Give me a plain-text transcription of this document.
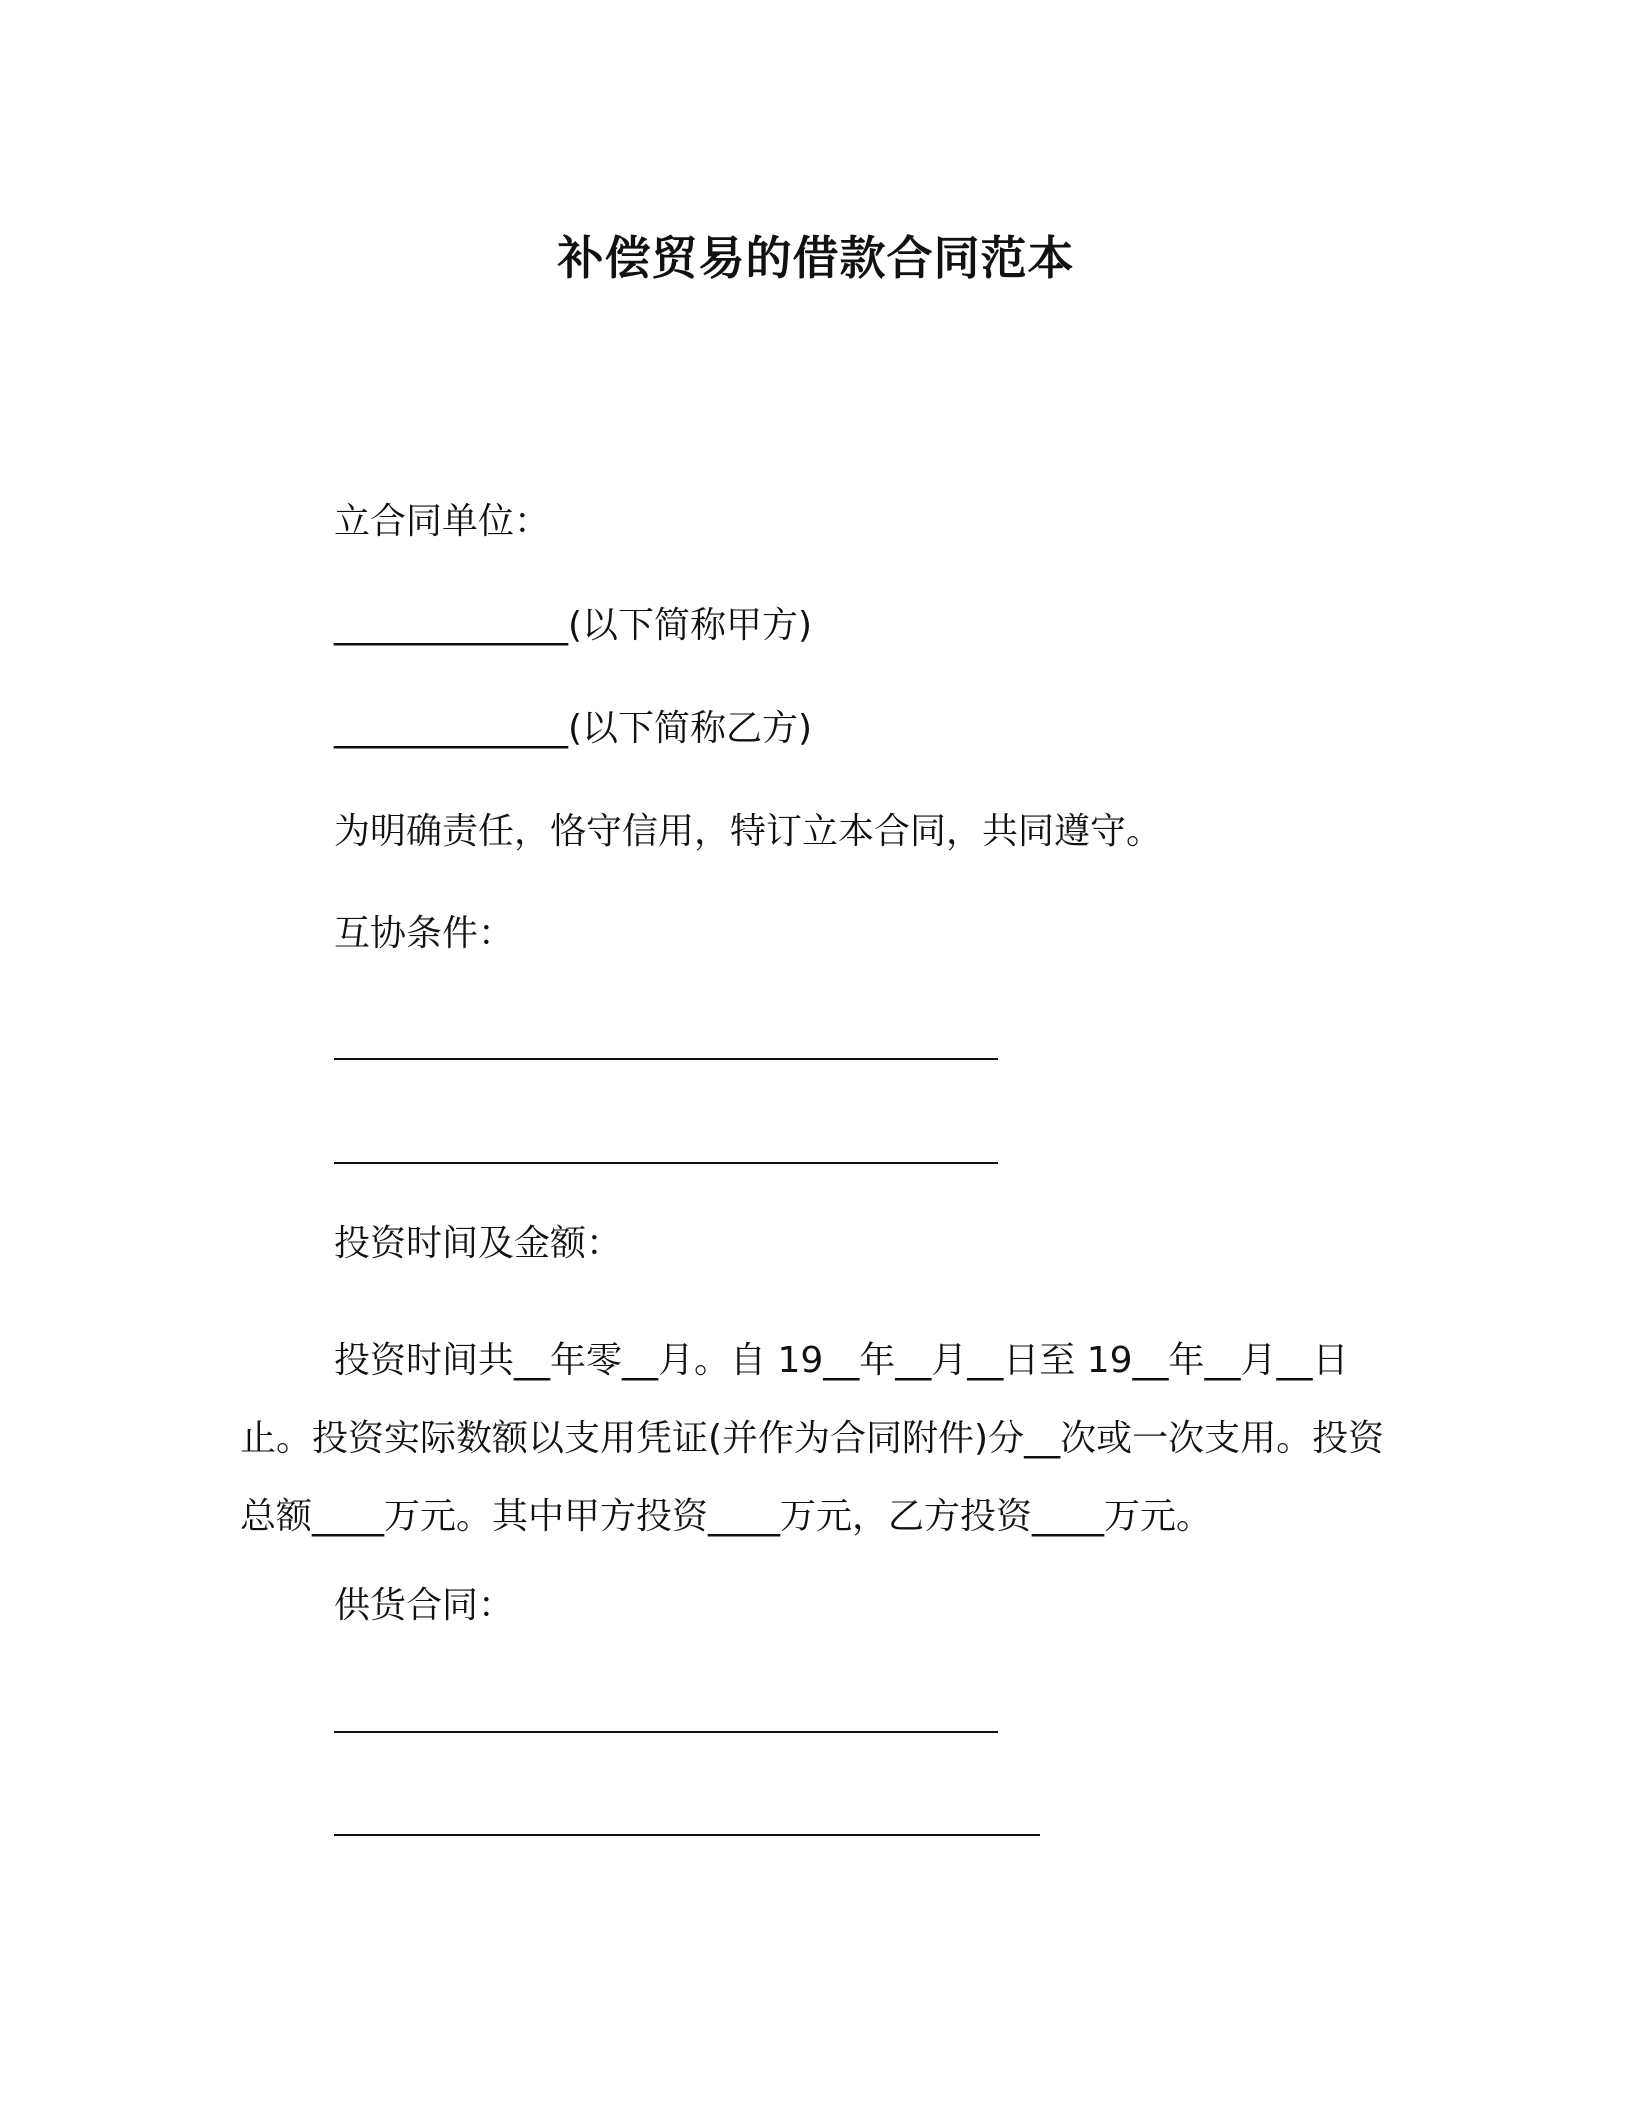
补偿贸易的借款合同范本
立合同单位：
_____________(以下简称甲方)
_____________(以下简称乙方)
为明确责任，恪守信用，特订立本合同，共同遵守。
互协条件：
投资时间及金额：
投资时间共__年零__月。自 19__年__月__日至 19__年__月__日止。投资实际数额以支用凭证(并作为合同附件)分__次或一次支用。投资总额____万元。其中甲方投资____万元，乙方投资____万元。
供货合同：
